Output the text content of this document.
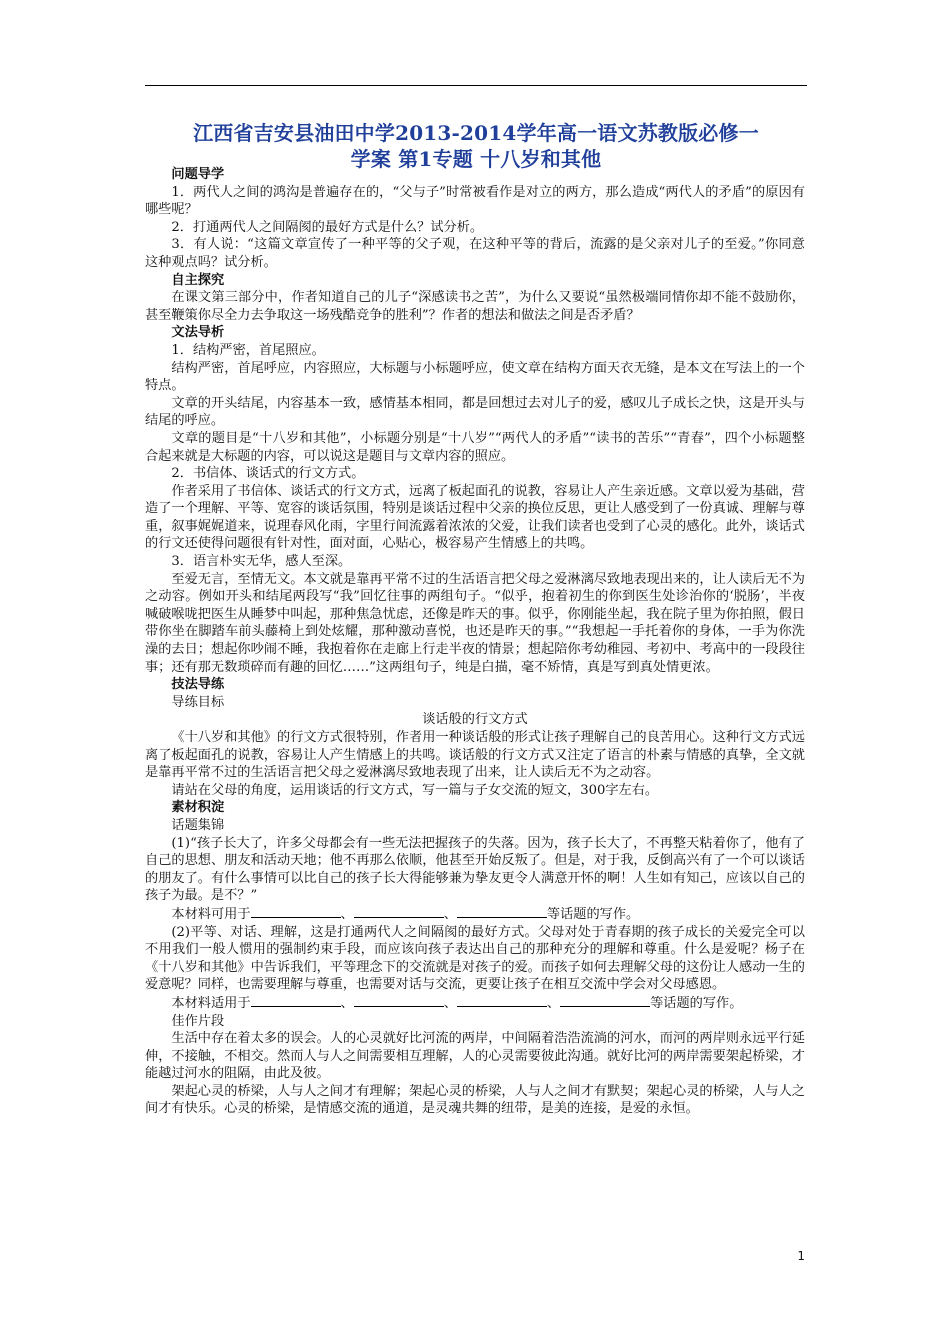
江西省吉安县油田中学2013-2014学年高一语文苏教版必修一
学案 第1专题 十八岁和其他
问题导学

1．两代人之间的鸿沟是普遍存在的，“父与子”时常被看作是对立的两方，那么造成“两代人的矛盾”的原因有哪些呢？

2．打通两代人之间隔阂的最好方式是什么？试分析。

3．有人说：“这篇文章宣传了一种平等的父子观，在这种平等的背后，流露的是父亲对儿子的至爱。”你同意这种观点吗？试分析。

自主探究

在课文第三部分中，作者知道自己的儿子“深感读书之苦”，为什么又要说“虽然极端同情你却不能不鼓励你，甚至鞭策你尽全力去争取这一场残酷竞争的胜利”？作者的想法和做法之间是否矛盾？

文法导析

1．结构严密，首尾照应。

结构严密，首尾呼应，内容照应，大标题与小标题呼应，使文章在结构方面天衣无缝，是本文在写法上的一个特点。

文章的开头结尾，内容基本一致，感情基本相同，都是回想过去对儿子的爱，感叹儿子成长之快，这是开头与结尾的呼应。

文章的题目是“十八岁和其他”，小标题分别是“十八岁”“两代人的矛盾”“读书的苦乐”“青春”，四个小标题整合起来就是大标题的内容，可以说这是题目与文章内容的照应。

2．书信体、谈话式的行文方式。

作者采用了书信体、谈话式的行文方式，远离了板起面孔的说教，容易让人产生亲近感。文章以爱为基础，营造了一个理解、平等、宽容的谈话氛围，特别是谈话过程中父亲的换位反思，更让人感受到了一份真诚、理解与尊重，叙事娓娓道来，说理春风化雨，字里行间流露着浓浓的父爱，让我们读者也受到了心灵的感化。此外，谈话式的行文还使得问题很有针对性，面对面，心贴心，极容易产生情感上的共鸣。

3．语言朴实无华，感人至深。

至爱无言，至情无文。本文就是靠再平常不过的生活语言把父母之爱淋漓尽致地表现出来的，让人读后无不为之动容。例如开头和结尾两段写“我”回忆往事的两组句子。“似乎，抱着初生的你到医生处诊治你的‘脱肠’，半夜喊破喉咙把医生从睡梦中叫起，那种焦急忧虑，还像是昨天的事。似乎，你刚能坐起，我在院子里为你拍照，假日带你坐在脚踏车前头藤椅上到处炫耀，那种激动喜悦，也还是昨天的事。”“我想起一手托着你的身体，一手为你洗澡的去日；想起你吵闹不睡，我抱着你在走廊上行走半夜的情景；想起陪你考幼稚园、考初中、考高中的一段段往事；还有那无数琐碎而有趣的回忆……”这两组句子，纯是白描，毫不矫情，真是写到真处情更浓。

技法导练

导练目标

谈话般的行文方式

《十八岁和其他》的行文方式很特别，作者用一种谈话般的形式让孩子理解自己的良苦用心。这种行文方式远离了板起面孔的说教，容易让人产生情感上的共鸣。谈话般的行文方式又注定了语言的朴素与情感的真挚，全文就是靠再平常不过的生活语言把父母之爱淋漓尽致地表现了出来，让人读后无不为之动容。

请站在父母的角度，运用谈话的行文方式，写一篇与子女交流的短文，300字左右。

素材积淀

话题集锦

(1)“孩子长大了，许多父母都会有一些无法把握孩子的失落。因为，孩子长大了，不再整天粘着你了，他有了自己的思想、朋友和活动天地；他不再那么依顺，他甚至开始反叛了。但是，对于我，反倒高兴有了一个可以谈话的朋友了。有什么事情可以比自己的孩子长大得能够兼为挚友更令人满意开怀的啊！人生如有知己，应该以自己的孩子为最。是不？”

本材料可用于	、	、	等话题的写作。

(2)平等、对话、理解，这是打通两代人之间隔阂的最好方式。父母对处于青春期的孩子成长的关爱完全可以不用我们一般人惯用的强制约束手段，而应该向孩子表达出自己的那种充分的理解和尊重。什么是爱呢？杨子在《十八岁和其他》中告诉我们，平等理念下的交流就是对孩子的爱。而孩子如何去理解父母的这份让人感动一生的爱意呢？同样，也需要理解与尊重，也需要对话与交流，更要让孩子在相互交流中学会对父母感恩。

本材料适用于	、	、	、	等话题的写作。

佳作片段

生活中存在着太多的误会。人的心灵就好比河流的两岸，中间隔着浩浩流淌的河水，而河的两岸则永远平行延伸，不接触，不相交。然而人与人之间需要相互理解，人的心灵需要彼此沟通。就好比河的两岸需要架起桥梁，才能越过河水的阻隔，由此及彼。

架起心灵的桥梁，人与人之间才有理解；架起心灵的桥梁，人与人之间才有默契；架起心灵的桥梁，人与人之间才有快乐。心灵的桥梁，是情感交流的通道，是灵魂共舞的纽带，是美的连接，是爱的永恒。

1
